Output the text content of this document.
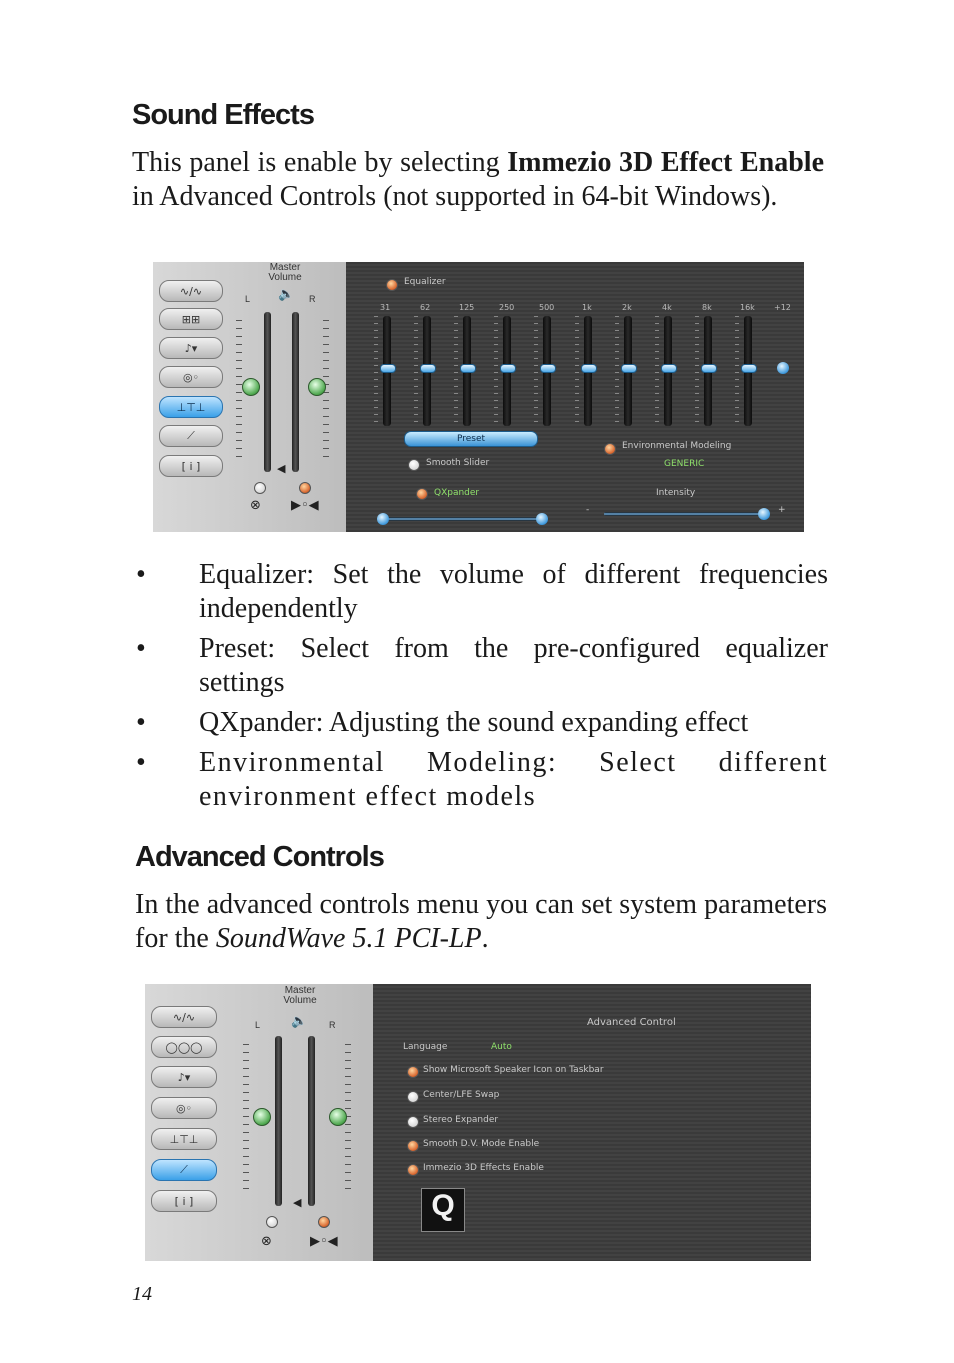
Sound Effects

This panel is enable by selecting Immezio 3D Effect Enable in Advanced Controls (not supported in 64-bit Windows).

∿∕∿
⊞⊞
♪▾
◎◦
⊥⊤⊥
⟋
[ i ]
Master
Volume
L	R
🔈
◀
⊗ ▶◦◀
Equalizer
31	62	125	250	500	1k	2k	4k	8k	16k +12
Preset
Smooth Slider
QXpander
Environmental Modeling
GENERIC
Intensity
-	+
• Equalizer: Set the volume of different frequencies independently
• Preset: Select from the pre-configured equalizer settings
• QXpander: Adjusting the sound expanding effect
• Environmental Modeling: Select different environment effect models
Advanced Controls

In the advanced controls menu you can set system parameters for the SoundWave 5.1 PCI-LP.

∿∕∿
◯◯◯
♪▾
◎◦
⊥⊤⊥
⟋
[ i ]
Master
Volume
L	R
🔈
◀
⊗	▶◦◀
Advanced Control
Language	Auto
Show Microsoft Speaker Icon on Taskbar
Center/LFE Swap
Stereo Expander
Smooth D.V. Mode Enable
Immezio 3D Effects Enable
Q
14
